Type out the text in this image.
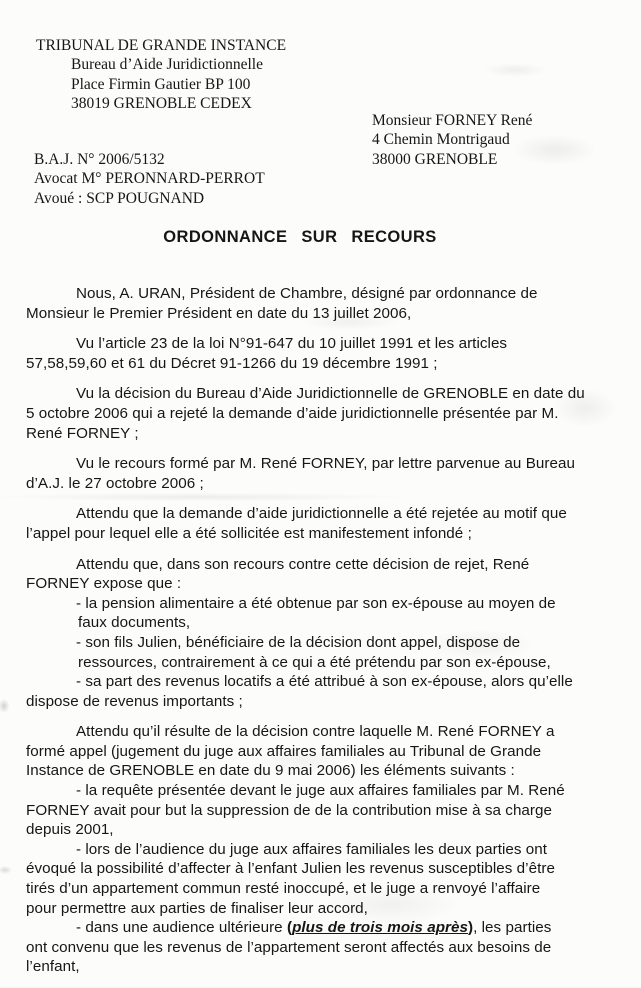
TRIBUNAL DE GRANDE INSTANCE
Bureau d’Aide Juridictionnelle
Place Firmin Gautier BP 100
38019 GRENOBLE CEDEX
Monsieur FORNEY René
4 Chemin Montrigaud
38000 GRENOBLE
B.A.J. N° 2006/5132
Avocat M° PERONNARD-PERROT
Avoué : SCP POUGNAND
ORDONNANCE SUR RECOURS
Nous, A. URAN, Président de Chambre, désigné par ordonnance de
Monsieur le Premier Président en date du 13 juillet 2006,
Vu l’article 23 de la loi N°91-647 du 10 juillet 1991 et les articles
57,58,59,60 et 61 du Décret 91-1266 du 19 décembre 1991 ;
Vu la décision du Bureau d’Aide Juridictionnelle de GRENOBLE en date du
5 octobre 2006 qui a rejeté la demande d’aide juridictionnelle présentée par M.
René FORNEY ;
Vu le recours formé par M. René FORNEY, par lettre parvenue au Bureau
d’A.J. le 27 octobre 2006 ;
Attendu que la demande d’aide juridictionnelle a été rejetée au motif que
l’appel pour lequel elle a été sollicitée est manifestement infondé ;
Attendu que, dans son recours contre cette décision de rejet, René
FORNEY expose que :
- la pension alimentaire a été obtenue par son ex-épouse au moyen de
faux documents,
- son fils Julien, bénéficiaire de la décision dont appel, dispose de
ressources, contrairement à ce qui a été prétendu par son ex-épouse,
- sa part des revenus locatifs a été attribué à son ex-épouse, alors qu’elle
dispose de revenus importants ;
Attendu qu’il résulte de la décision contre laquelle M. René FORNEY a
formé appel (jugement du juge aux affaires familiales au Tribunal de Grande
Instance de GRENOBLE en date du 9 mai 2006) les éléments suivants :
- la requête présentée devant le juge aux affaires familiales par M. René
FORNEY avait pour but la suppression de de la contribution mise à sa charge
depuis 2001,
- lors de l’audience du juge aux affaires familiales les deux parties ont
évoqué la possibilité d’affecter à l’enfant Julien les revenus susceptibles d’être
tirés d’un appartement commun resté inoccupé, et le juge a renvoyé l’affaire
pour permettre aux parties de finaliser leur accord,
- dans une audience ultérieure (plus de trois mois après), les parties
ont convenu que les revenus de l’appartement seront affectés aux besoins de
l’enfant,
